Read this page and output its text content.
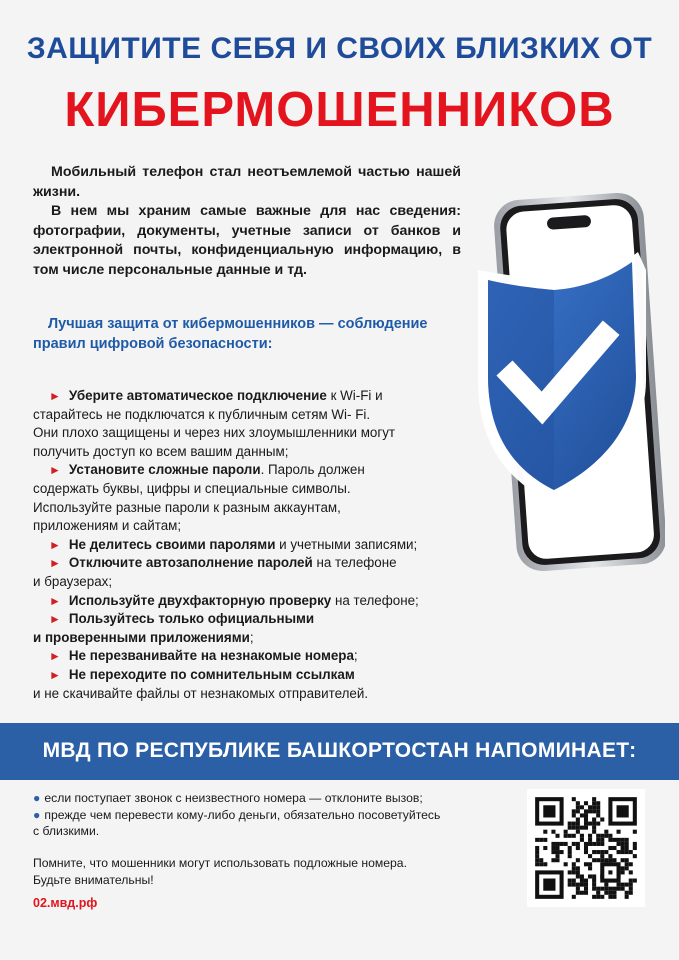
ЗАЩИТИТЕ СЕБЯ И СВОИХ БЛИЗКИХ ОТ
КИБЕРМОШЕННИКОВ

Мобильный телефон стал неотъемлемой частью нашей жизни.

В нем мы храним самые важные для нас сведения: фотографии, документы, учетные записи от банков и электронной почты, конфиденциальную информацию, в том числе персональные данные и тд.

Лучшая защита от кибермошенников — соблюдение правил цифровой безопасности:
► Уберите автоматическое подключение к Wi-Fi и
старайтесь не подключатся к публичным сетям Wi- Fi.
Они плохо защищены и через них злоумышленники могут
получить доступ ко всем вашим данным;
► Установите сложные пароли. Пароль должен
содержать буквы, цифры и специальные символы.
Используйте разные пароли к разным аккаунтам,
приложениям и сайтам;
► Не делитесь своими паролями и учетными записями;
► Отключите автозаполнение паролей на телефоне
и браузерах;
► Используйте двухфакторную проверку на телефоне;
► Пользуйтесь только официальными
и проверенными приложениями;
► Не перезванивайте на незнакомые номера;
► Не переходите по сомнительным ссылкам
и не скачивайте файлы от незнакомых отправителей.
МВД ПО РЕСПУБЛИКЕ БАШКОРТОСТАН НАПОМИНАЕТ:
● если поступает звонок с неизвестного номера — отклоните вызов;
● прежде чем перевести кому-либо деньги, обязательно посоветуйтесь
с близкими.
Помните, что мошенники могут использовать подложные номера.
Будьте внимательны!
02.мвд.рф
